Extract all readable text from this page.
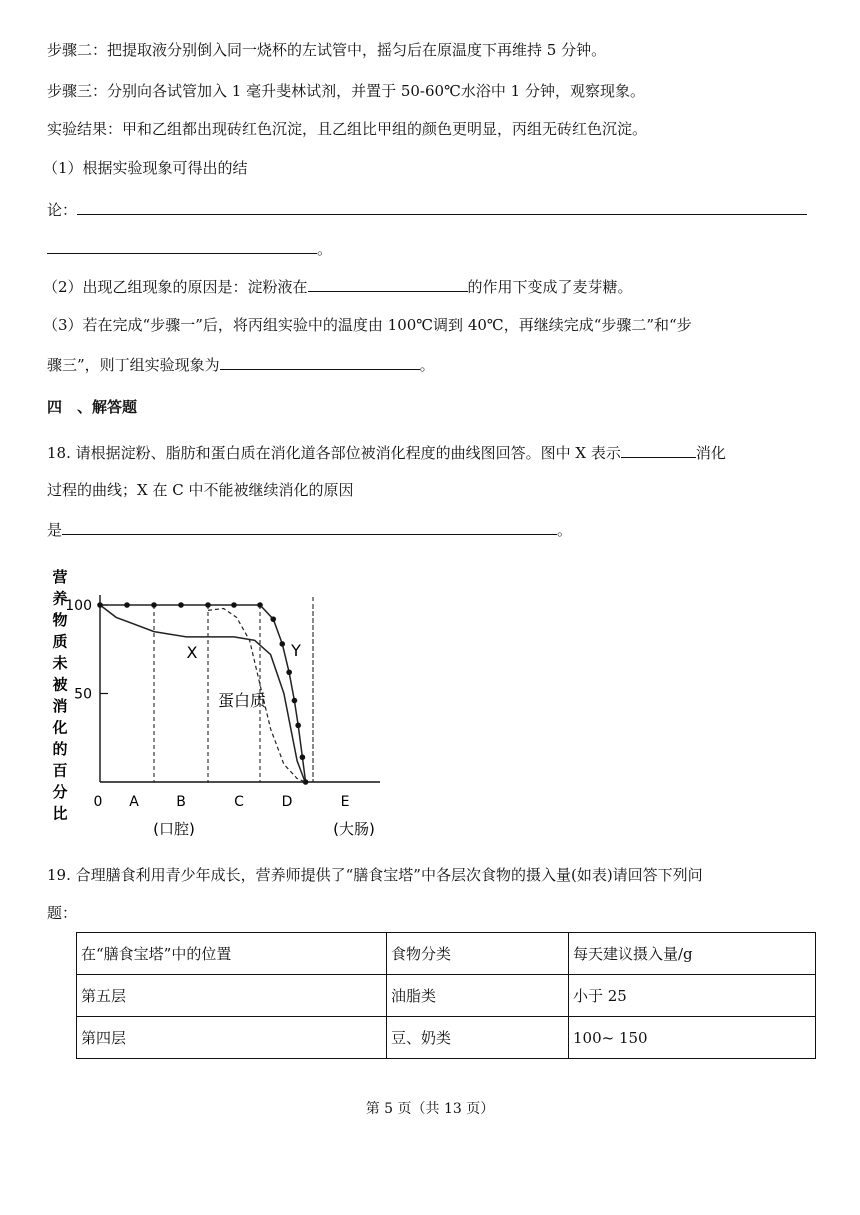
步骤二：把提取液分别倒入同一烧杯的左试管中，摇匀后在原温度下再维持 5 分钟。
步骤三：分别向各试管加入 1 毫升斐林试剂，并置于 50-60℃水浴中 1 分钟，观察现象。
实验结果：甲和乙组都出现砖红色沉淀，且乙组比甲组的颜色更明显，丙组无砖红色沉淀。
（1）根据实验现象可得出的结
论：
。
（2）出现乙组现象的原因是：淀粉液在	的作用下变成了麦芽糖。
（3）若在完成“步骤一”后，将丙组实验中的温度由 100℃调到 40℃，再继续完成“步骤二”和“步
骤三”，则丁组实验现象为	。
四　、解答题
18. 请根据淀粉、脂肪和蛋白质在消化道各部位被消化程度的曲线图回答。图中 X 表示	消化
过程的曲线；X 在 C 中不能被继续消化的原因
是	。
营养物质未被消化的百分比
100
50
0 A	B	C	D	E
(口腔)	(大肠)
X	Y
蛋白质
19. 合理膳食利用青少年成长，营养师提供了“膳食宝塔”中各层次食物的摄入量(如表)请回答下列问
题：
在“膳食宝塔”中的位置	食物分类	每天建议摄入量/g
第五层	油脂类	小于 25
第四层	豆、奶类	100~ 150
第 5 页（共 13 页）
